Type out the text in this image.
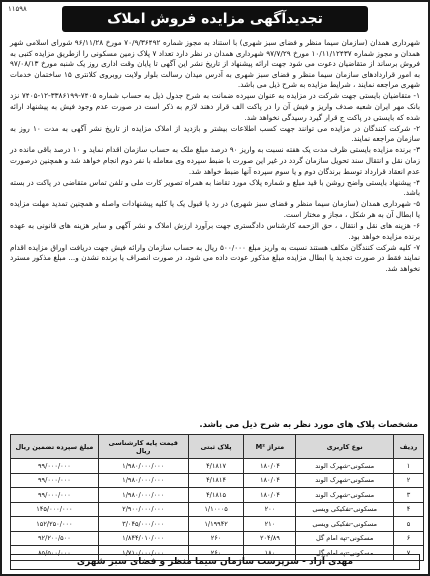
۱۱۵۹۸
تجدیدآگهی مزایده فروش املاک

شهرداری همدان (سازمان سیما منظر و فضای سبز شهری) با استناد به مجوز شماره ۷۰/۹/۳۶۴۹۲ مورخ ۹۶/۱۱/۲۸ شورای اسلامی شهر همدان و مجوز شماره ۱۰/۱۱/۱۲۴۳۷ مورخ ۹۷/۷/۲۹ شهرداری همدان در نظر دارد تعداد ۷ پلاک زمین مسکونی را ازطریق مزایده کتبی به فروش برساند از متقاضیان دعوت می شود جهت ارائه پیشنهاد از تاریخ نشر این آگهی تا پایان وقت اداری روز یک شنبه مورخ ۹۷/۰۸/۱۳ به امور قراردادهای سازمان سیما منظر و فضای سبز شهری به آدرس میدان رسالت بلوار ولایت روبروی کلانتری ۱۵ ساختمان خدمات شهری مراجعه نمایند ، شرایط مزایده به شرح ذیل می باشد.

۱- متقاضیان بایستی جهت شرکت در مزایده به عنوان سپرده ضمانت به شرح جدول ذیل به حساب شماره ۷۴۰۵-۳۳۸۶۱۹۹-۱۲-۷۴۰۵ نزد بانک مهر ایران شعبه صدف واریز و فیش آن را در پاکت الف قرار دهند لازم به ذکر است در صورت عدم وجود فیش به پیشنهاد ارائه شده که بایستی در پاکت ج قرار گیرد رسیدگی نخواهد شد.

۲- شرکت کنندگان در مزایده می توانند جهت کسب اطلاعات بیشتر و بازدید از املاک مزایده از تاریخ نشر آگهی به مدت ۱۰ روز به سازمان مراجعه نمایند.

۳- برنده مزایده بایستی ظرف مدت یک هفته نسبت به واریز ۹۰ درصد مبلغ ملک به حساب سازمان اقدام نماید و ۱۰ درصد باقی مانده در زمان نقل و انتقال سند تحویل سازمان گردد در غیر این صورت با ضبط سپرده وی معامله با نفر دوم انجام خواهد شد و همچنین درصورت عدم انعقاد قرارداد توسط برندگان دوم و یا سوم سپرده آنها ضبط خواهد شد.

۴- پیشنهاد بایستی واضح روشن با قید مبلغ و شماره پلاک مورد تقاضا به همراه تصویر کارت ملی و تلفن تماس متقاضی در پاکت در بسته باشد.

۵- شهرداری همدان (سازمان سیما منظر و فضای سبز شهری) در رد یا قبول یک یا کلیه پیشنهادات واصله و همچنین تمدید مهلت مزایده یا ابطال آن به هر شکل ، مجاز و مختار است.

۶- هزینه های نقل و انتقال ، حق الزحمه کارشناس دادگستری جهت برآورد ارزش املاک و نشر آگهی و سایر هزینه های قانونی به عهده برنده مزایده خواهد بود.

۷- کلیه شرکت کنندگان مکلف هستند نسبت به واریز مبلغ ۵۰۰/۰۰۰ ریال به حساب سازمان وارائه فیش جهت دریافت اوراق مزایده اقدام نمایند فقط در صورت تجدید یا ابطال مزایده مبلغ مذکور عودت داده می شود، در صورت انصراف یا برنده نشدن و... مبلغ مذکور مسترد نخواهد شد.

مشخصات پلاک های مورد نظر به شرح ذیل می باشد.
ردیف	نوع کاربری	متراژ M²	پلاک ثبتی	قیمت پایه کارشناسی ریال	مبلغ سپرده تضمین ریال
۱	مسکونی-شهرک الوند	۱۸۰/۰۴	۴/۱۸۱۷	۱/۹۸۰/۰۰۰/۰۰۰	۹۹/۰۰۰/۰۰۰
۲	مسکونی-شهرک الوند	۱۸۰/۰۴	۴/۱۸۱۴	۱/۹۸۰/۰۰۰/۰۰۰	۹۹/۰۰۰/۰۰۰
۳	مسکونی-شهرک الوند	۱۸۰/۰۴	۴/۱۸۱۵	۱/۹۸۰/۰۰۰/۰۰۰	۹۹/۰۰۰/۰۰۰
۴	مسکونی-تفکیکی ویسی	۲۰۰	۱/۱۰۰۰۵	۲/۹۰۰/۰۰۰/۰۰۰	۱۴۵/۰۰۰/۰۰۰
۵	مسکونی-تفکیکی ویسی	۲۱۰	۱/۱۹۹۴۲	۳/۰۴۵/۰۰۰/۰۰۰	۱۵۲/۲۵۰/۰۰۰
۶	مسکونی-تپه امام گل	۲۰۴/۸۹	۲۶۰	۱/۸۴۴/۰۱۰/۰۰۰	۹۲/۲۰۰/۵۰۰
۷	مسکونی-تپه امام گل	۱۸۰	۲۶۰	۱/۷۱۰/۰۰۰/۰۰۰	۸۵/۵۰۰/۰۰۰
مهدی آزاد - سرپرست سازمان سیما منظر و فضای سبز شهری
